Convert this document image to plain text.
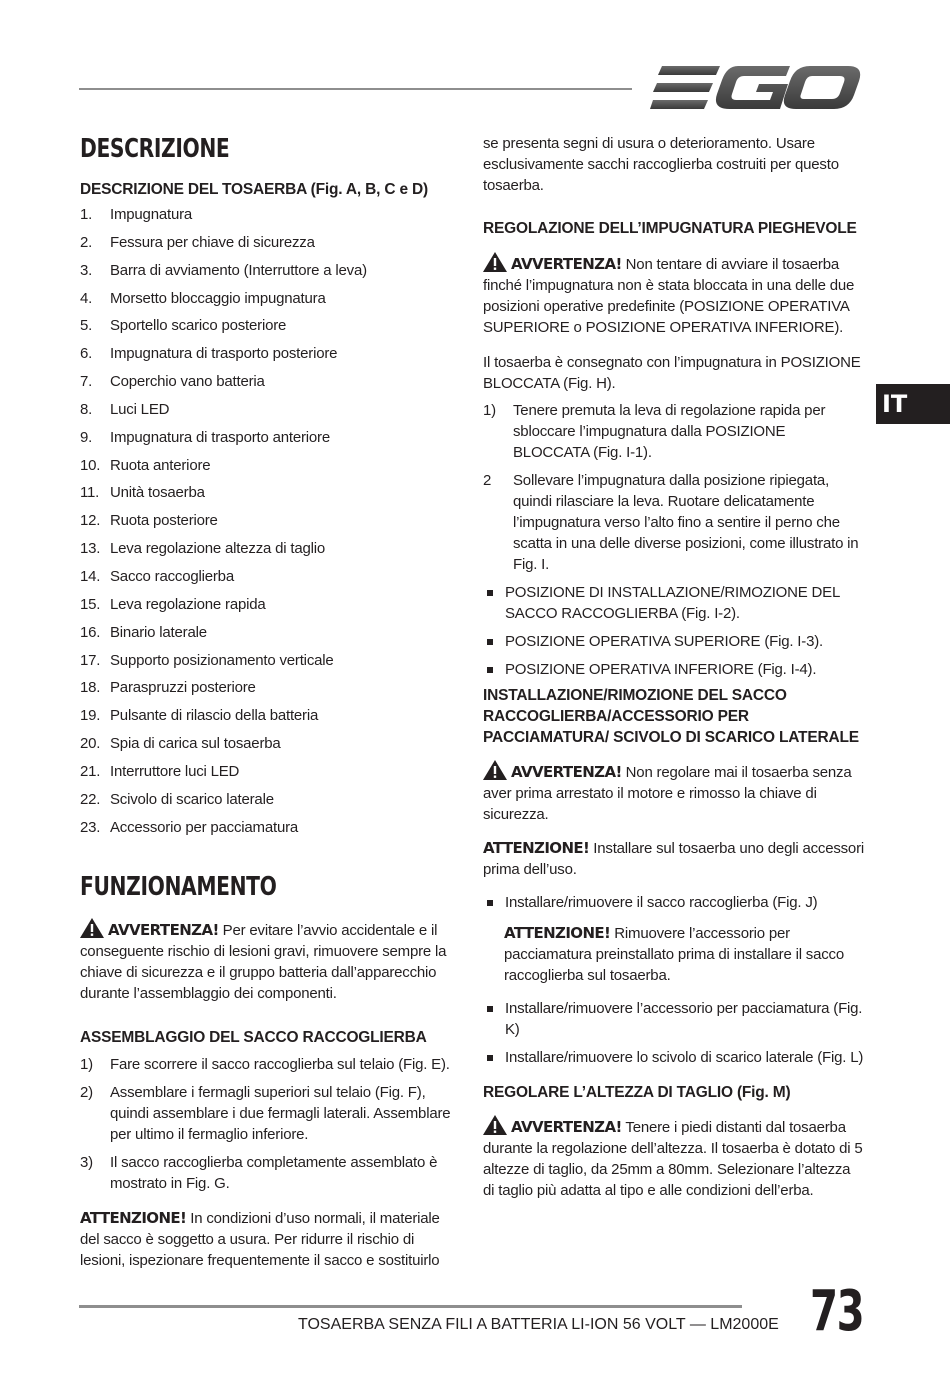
DESCRIZIONE
DESCRIZIONE DEL TOSAERBA (Fig. A, B, C e D)
1.	Impugnatura
2.	Fessura per chiave di sicurezza
3.	Barra di avviamento (Interruttore a leva)
4.	Morsetto bloccaggio impugnatura
5.	Sportello scarico posteriore
6.	Impugnatura di trasporto posteriore
7.	Coperchio vano batteria
8.	Luci LED
9.	Impugnatura di trasporto anteriore
10. Ruota anteriore
11. Unità tosaerba
12. Ruota posteriore
13. Leva regolazione altezza di taglio
14. Sacco raccoglierba
15. Leva regolazione rapida
16. Binario laterale
17. Supporto posizionamento verticale
18. Paraspruzzi posteriore
19. Pulsante di rilascio della batteria
20. Spia di carica sul tosaerba
21. Interruttore luci LED
22. Scivolo di scarico laterale
23. Accessorio per pacciamatura
FUNZIONAMENTO

AVVERTENZA! Per evitare l’avvio accidentale e il conseguente rischio di lesioni gravi, rimuovere sempre la chiave di sicurezza e il gruppo batteria dall’apparecchio durante l’assemblaggio dei componenti.

ASSEMBLAGGIO DEL SACCO RACCOGLIERBA
1)	Fare scorrere il sacco raccoglierba sul telaio (Fig. E).
2)	Assemblare i fermagli superiori sul telaio (Fig. F), quindi assemblare i due fermagli laterali. Assemblare per ultimo il fermaglio inferiore.
3)	Il sacco raccoglierba completamente assemblato è mostrato in Fig. G.

ATTENZIONE! In condizioni d’uso normali, il materiale del sacco è soggetto a usura. Per ridurre il rischio di lesioni, ispezionare frequentemente il sacco e sostituirlo

se presenta segni di usura o deterioramento. Usare esclusivamente sacchi raccoglierba costruiti per questo tosaerba.

REGOLAZIONE DELL’IMPUGNATURA PIEGHEVOLE

AVVERTENZA! Non tentare di avviare il tosaerba finché l’impugnatura non è stata bloccata in una delle due posizioni operative predefinite (POSIZIONE OPERATIVA SUPERIORE o POSIZIONE OPERATIVA INFERIORE).

Il tosaerba è consegnato con l’impugnatura in POSIZIONE BLOCCATA (Fig. H).

1)	Tenere premuta la leva di regolazione rapida per sbloccare l’impugnatura dalla POSIZIONE BLOCCATA (Fig. I-1).
2	Sollevare l’impugnatura dalla posizione ripiegata, quindi rilasciare la leva. Ruotare delicatamente l’impugnatura verso l’alto fino a sentire il perno che scatta in una delle diverse posizioni, come illustrato in Fig. I.
POSIZIONE DI INSTALLAZIONE/RIMOZIONE DEL SACCO RACCOGLIERBA (Fig. I-2).
POSIZIONE OPERATIVA SUPERIORE (Fig. I-3).
POSIZIONE OPERATIVA INFERIORE (Fig. I-4).
INSTALLAZIONE/RIMOZIONE DEL SACCO RACCOGLIERBA/ACCESSORIO PER PACCIAMATURA/ SCIVOLO DI SCARICO LATERALE

AVVERTENZA! Non regolare mai il tosaerba senza aver prima arrestato il motore e rimosso la chiave di sicurezza.

ATTENZIONE! Installare sul tosaerba uno degli accessori prima dell’uso.

Installare/rimuovere il sacco raccoglierba (Fig. J)

ATTENZIONE! Rimuovere l’accessorio per pacciamatura preinstallato prima di installare il sacco raccoglierba sul tosaerba.

Installare/rimuovere l’accessorio per pacciamatura (Fig. K)
Installare/rimuovere lo scivolo di scarico laterale (Fig. L)
REGOLARE L’ALTEZZA DI TAGLIO (Fig. M)

AVVERTENZA! Tenere i piedi distanti dal tosaerba durante la regolazione dell’altezza. Il tosaerba è dotato di 5 altezze di taglio, da 25mm a 80mm. Selezionare l’altezza di taglio più adatta al tipo e alle condizioni dell’erba.

IT
TOSAERBA SENZA FILI A BATTERIA LI-ION 56 VOLT — LM2000E 73
